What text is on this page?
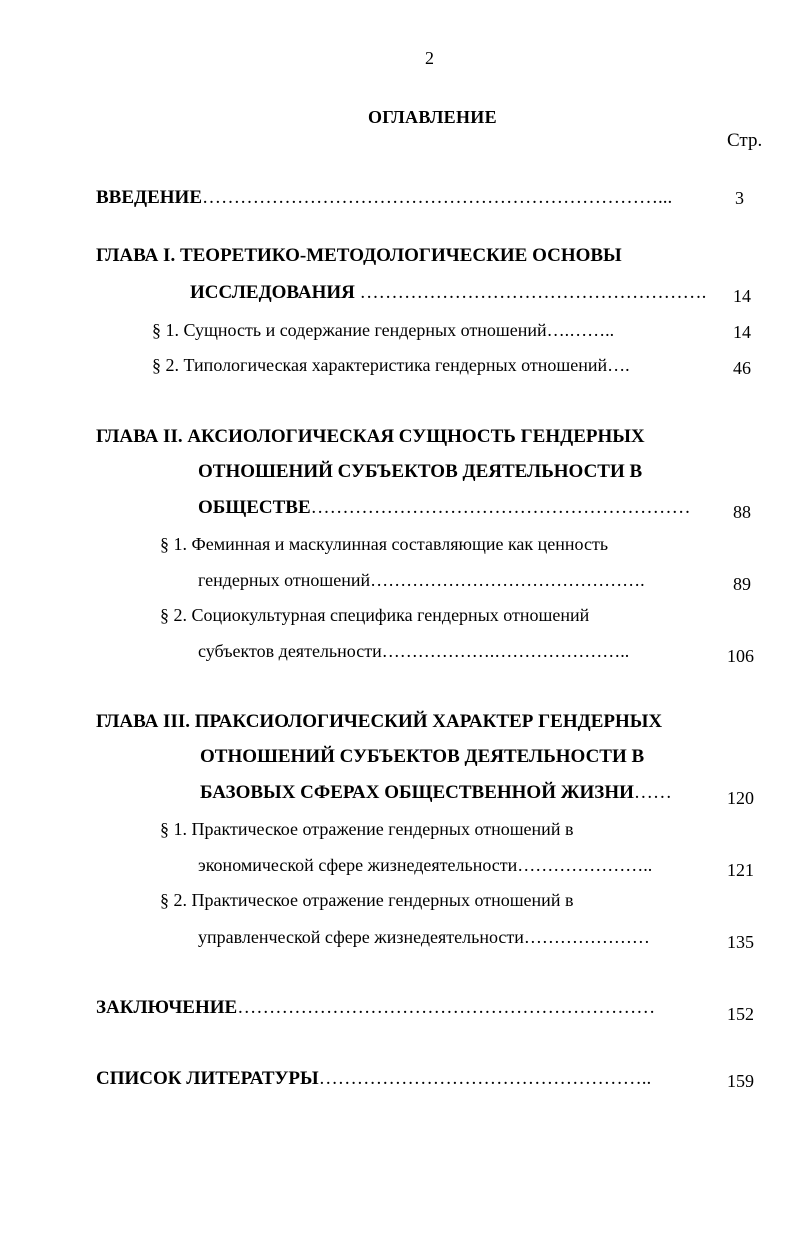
2
ОГЛАВЛЕНИЕ
Стр.
ВВЕДЕНИЕ………………………………………………………………...	3
ГЛАВА I. ТЕОРЕТИКО-МЕТОДОЛОГИЧЕСКИЕ ОСНОВЫ
ИССЛЕДОВАНИЯ ………………………………………………. 14
§ 1. Сущность и содержание гендерных отношений….……..	14
§ 2. Типологическая характеристика гендерных отношений….	46
ГЛАВА II. АКСИОЛОГИЧЕСКАЯ СУЩНОСТЬ ГЕНДЕРНЫХ
ОТНОШЕНИЙ СУБЪЕКТОВ ДЕЯТЕЛЬНОСТИ В
ОБЩЕСТВЕ…………………………………………………… 88
§ 1. Феминная и маскулинная составляющие как ценность
гендерных отношений……………………………………….	89
§ 2. Социокультурная специфика гендерных отношений
субъектов деятельности……………….…………………..	106
ГЛАВА III. ПРАКСИОЛОГИЧЕСКИЙ ХАРАКТЕР ГЕНДЕРНЫХ
ОТНОШЕНИЙ СУБЪЕКТОВ ДЕЯТЕЛЬНОСТИ В
БАЗОВЫХ СФЕРАХ ОБЩЕСТВЕННОЙ ЖИЗНИ……	120
§ 1. Практическое отражение гендерных отношений в
экономической сфере жизнедеятельности…………………..	121
§ 2. Практическое отражение гендерных отношений в
управленческой сфере жизнедеятельности…………………	135
ЗАКЛЮЧЕНИЕ…………………………………………………………	152
СПИСОК ЛИТЕРАТУРЫ……………………………………………..	159
